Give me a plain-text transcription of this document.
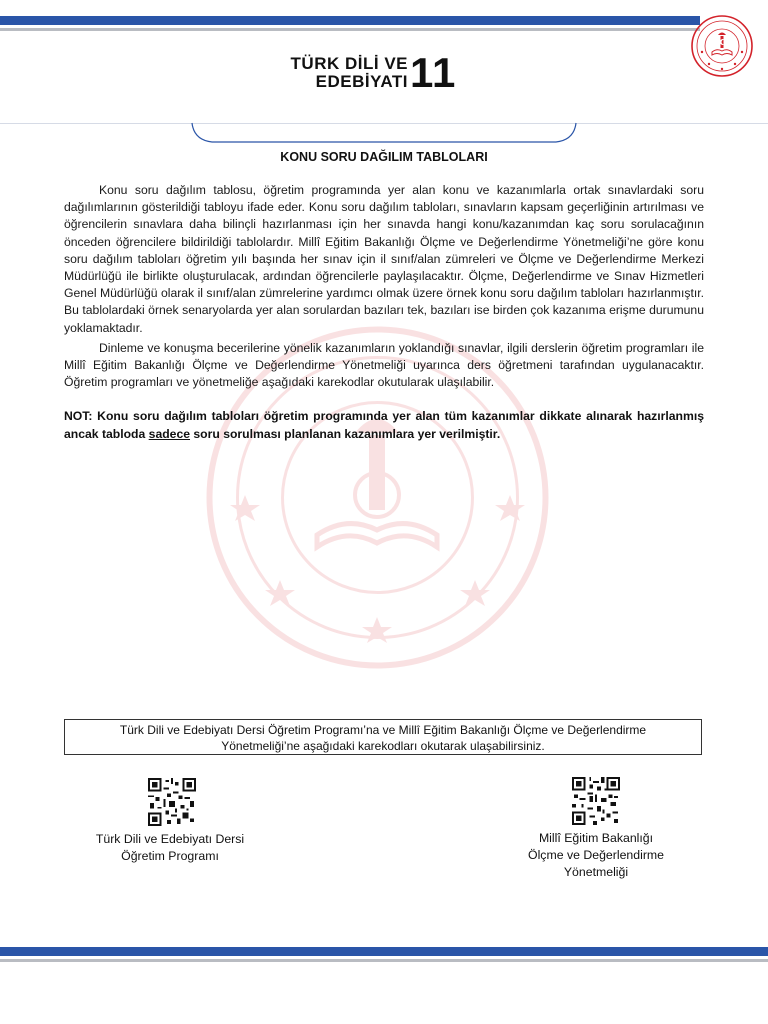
TÜRK DİLİ VE
EDEBİYATI 11
KONU SORU DAĞILIM TABLOLARI

Konu soru dağılım tablosu, öğretim programında yer alan konu ve kazanımlarla ortak sınavlardaki soru dağılımlarının gösterildiği tabloyu ifade eder. Konu soru dağılım tabloları, sınavların kapsam geçerliğinin artırılması ve öğrencilerin sınavlara daha bilinçli hazırlanması için her sınavda hangi konu/kazanımdan kaç soru sorulacağının önceden öğrencilere bildirildiği tablolardır. Millî Eğitim Bakanlığı Ölçme ve Değerlendirme Yönetmeliği’ne göre konu soru dağılım tabloları öğretim yılı başında her sınav için il sınıf/alan zümreleri ve Ölçme ve Değerlendirme Merkezi Müdürlüğü ile birlikte oluşturulacak, ardından öğrencilerle paylaşılacaktır. Ölçme, Değerlendirme ve Sınav Hizmetleri Genel Müdürlüğü olarak il sınıf/alan zümrelerine yardımcı olmak üzere örnek konu soru dağılım tabloları hazırlanmıştır. Bu tablolardaki örnek senaryolarda yer alan sorulardan bazıları tek, bazıları ise birden çok kazanıma erişme durumunu yoklamaktadır.

Dinleme ve konuşma becerilerine yönelik kazanımların yoklandığı sınavlar, ilgili derslerin öğretim programları ile Millî Eğitim Bakanlığı Ölçme ve Değerlendirme Yönetmeliği uyarınca ders öğretmeni tarafından uygulanacaktır. Öğretim programları ve yönetmeliğe aşağıdaki karekodlar okutularak ulaşılabilir.

NOT: Konu soru dağılım tabloları öğretim programında yer alan tüm kazanımlar dikkate alınarak hazırlanmış ancak tabloda sadece soru sorulması planlanan kazanımlara yer verilmiştir.
Türk Dili ve Edebiyatı Dersi Öğretim Programı’na ve Millî Eğitim Bakanlığı Ölçme ve Değerlendirme
Yönetmeliği’ne aşağıdaki karekodları okutarak ulaşabilirsiniz.
Türk Dili ve Edebiyatı Dersi
Öğretim Programı
Millî Eğitim Bakanlığı
Ölçme ve Değerlendirme
Yönetmeliği
